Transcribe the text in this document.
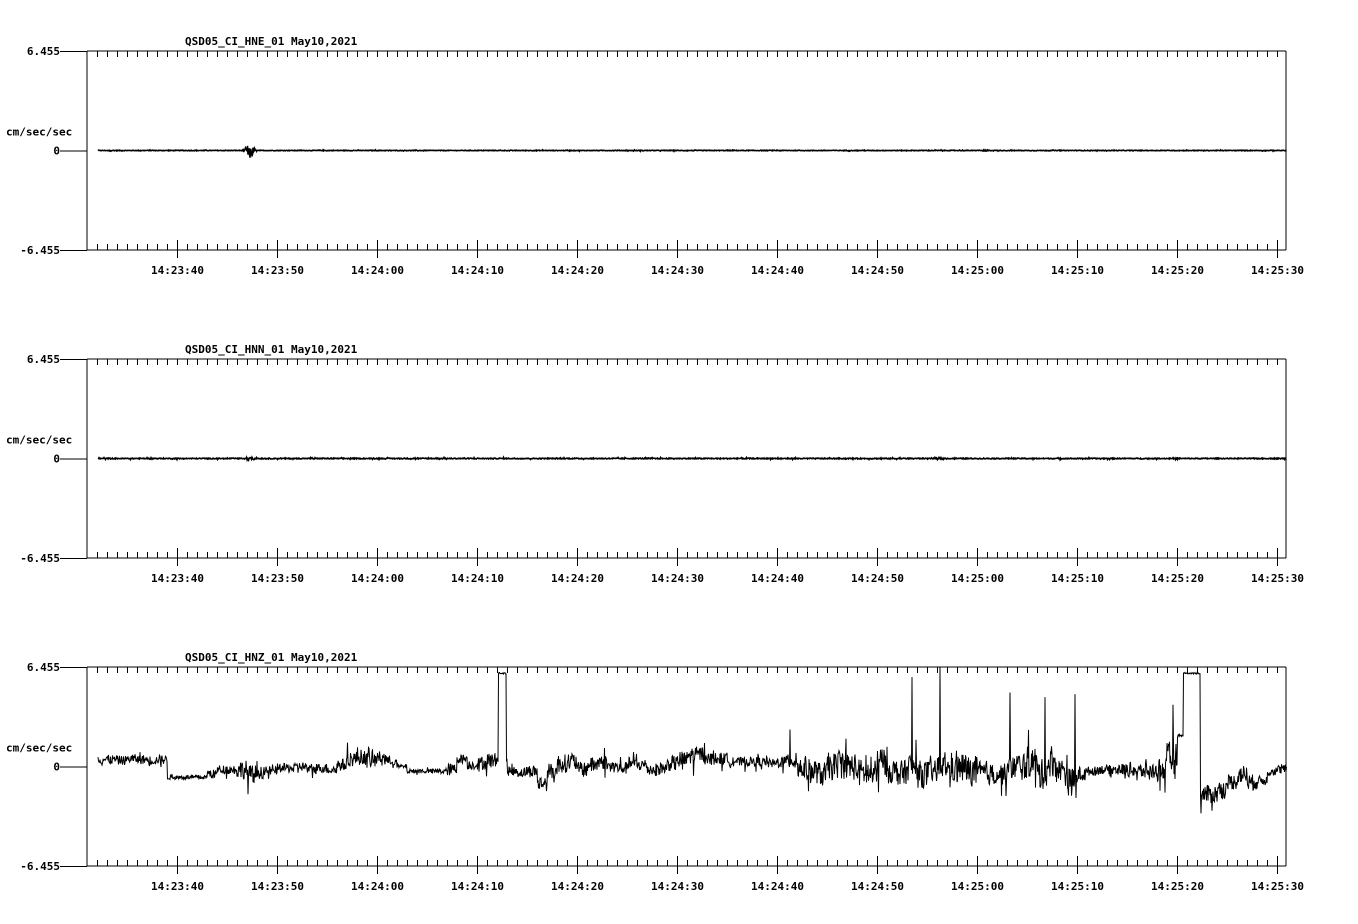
14:23:40	14:23:50	14:24:00	14:24:10	14:24:20	14:24:30	14:24:40	14:24:50	14:25:00	14:25:10	14:25:20	14:25:30
QSD05_CI_HNE_01 May10,2021
6.455
0
-6.455
cm/sec/sec
14:23:40	14:23:50	14:24:00	14:24:10	14:24:20	14:24:30	14:24:40	14:24:50	14:25:00	14:25:10	14:25:20	14:25:30
QSD05_CI_HNN_01 May10,2021
6.455
0
-6.455
cm/sec/sec
14:23:40	14:23:50	14:24:00	14:24:10	14:24:20	14:24:30	14:24:40	14:24:50	14:25:00	14:25:10	14:25:20	14:25:30
QSD05_CI_HNZ_01 May10,2021
6.455
0
-6.455
cm/sec/sec
